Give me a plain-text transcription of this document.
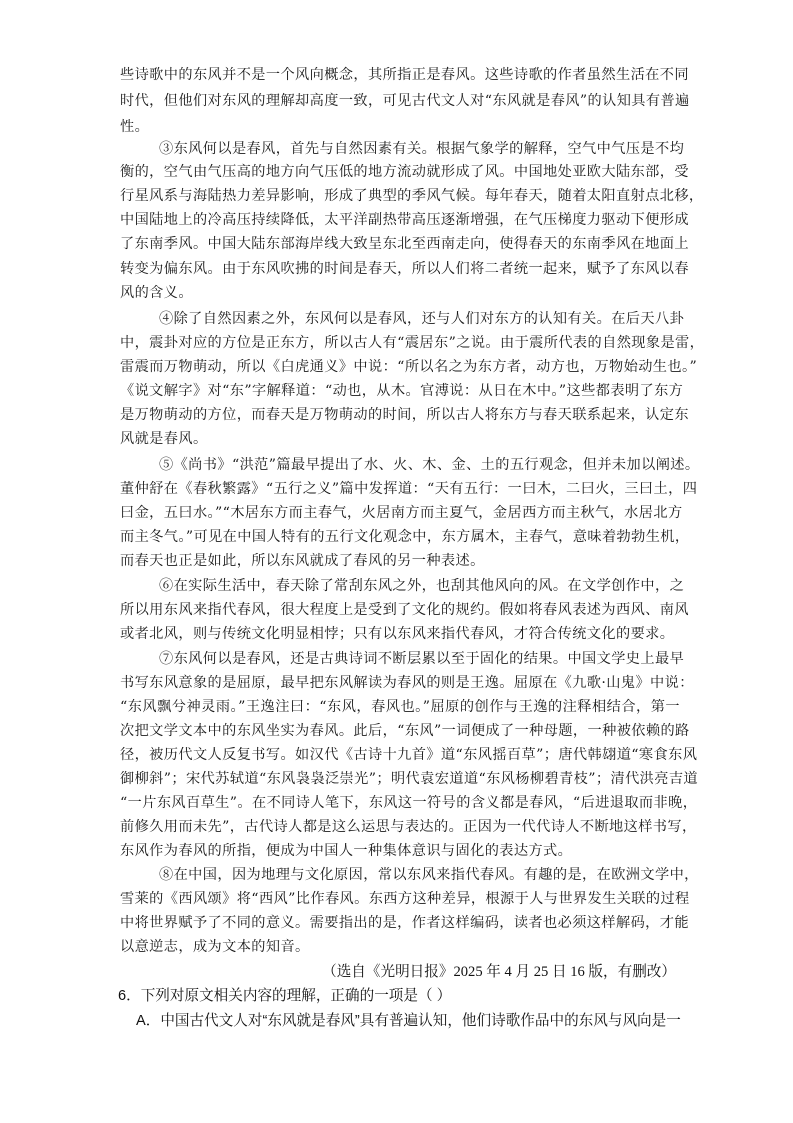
些诗歌中的东风并不是一个风向概念，其所指正是春风。这些诗歌的作者虽然生活在不同
时代，但他们对东风的理解却高度一致，可见古代文人对“东风就是春风”的认知具有普遍
性。
③东风何以是春风，首先与自然因素有关。根据气象学的解释，空气中气压是不均
衡的，空气由气压高的地方向气压低的地方流动就形成了风。中国地处亚欧大陆东部，受
行星风系与海陆热力差异影响，形成了典型的季风气候。每年春天，随着太阳直射点北移，
中国陆地上的冷高压持续降低，太平洋副热带高压逐渐增强，在气压梯度力驱动下便形成
了东南季风。中国大陆东部海岸线大致呈东北至西南走向，使得春天的东南季风在地面上
转变为偏东风。由于东风吹拂的时间是春天，所以人们将二者统一起来，赋予了东风以春
风的含义。
④除了自然因素之外，东风何以是春风，还与人们对东方的认知有关。在后天八卦
中，震卦对应的方位是正东方，所以古人有“震居东”之说。由于震所代表的自然现象是雷，
雷震而万物萌动，所以《白虎通义》中说：“所以名之为东方者，动方也，万物始动生也。”
《说文解字》对“东”字解释道：“动也，从木。官溥说：从日在木中。”这些都表明了东方
是万物萌动的方位，而春天是万物萌动的时间，所以古人将东方与春天联系起来，认定东
风就是春风。
⑤《尚书》“洪范”篇最早提出了水、火、木、金、土的五行观念，但并未加以阐述。
董仲舒在《春秋繁露》“五行之义”篇中发挥道：“天有五行：一曰木，二曰火，三曰土，四
曰金，五曰水。”“木居东方而主春气，火居南方而主夏气，金居西方而主秋气，水居北方
而主冬气。”可见在中国人特有的五行文化观念中，东方属木，主春气，意味着勃勃生机，
而春天也正是如此，所以东风就成了春风的另一种表述。
⑥在实际生活中，春天除了常刮东风之外，也刮其他风向的风。在文学创作中，之
所以用东风来指代春风，很大程度上是受到了文化的规约。假如将春风表述为西风、南风
或者北风，则与传统文化明显相悖；只有以东风来指代春风，才符合传统文化的要求。
⑦东风何以是春风，还是古典诗词不断层累以至于固化的结果。中国文学史上最早
书写东风意象的是屈原，最早把东风解读为春风的则是王逸。屈原在《九歌·山鬼》中说：
“东风飘兮神灵雨。”王逸注曰：“东风，春风也。”屈原的创作与王逸的注释相结合，第一
次把文学文本中的东风坐实为春风。此后，“东风”一词便成了一种母题，一种被依赖的路
径，被历代文人反复书写。如汉代《古诗十九首》道“东风摇百草”；唐代韩翃道“寒食东风
御柳斜”；宋代苏轼道“东风袅袅泛崇光”；明代袁宏道道“东风杨柳碧青枝”；清代洪亮吉道
“一片东风百草生”。在不同诗人笔下，东风这一符号的含义都是春风，“后进退取而非晚，
前修久用而未先”，古代诗人都是这么运思与表达的。正因为一代代诗人不断地这样书写，
东风作为春风的所指，便成为中国人一种集体意识与固化的表达方式。
⑧在中国，因为地理与文化原因，常以东风来指代春风。有趣的是，在欧洲文学中，
雪莱的《西风颂》将“西风”比作春风。东西方这种差异，根源于人与世界发生关联的过程
中将世界赋予了不同的意义。需要指出的是，作者这样编码，读者也必须这样解码，才能
以意逆志，成为文本的知音。
（选自《光明日报》2025 年 4 月 25 日 16 版，有删改）
6．下列对原文相关内容的理解，正确的一项是（ ）
A．中国古代文人对“东风就是春风”具有普遍认知，他们诗歌作品中的东风与风向是一
